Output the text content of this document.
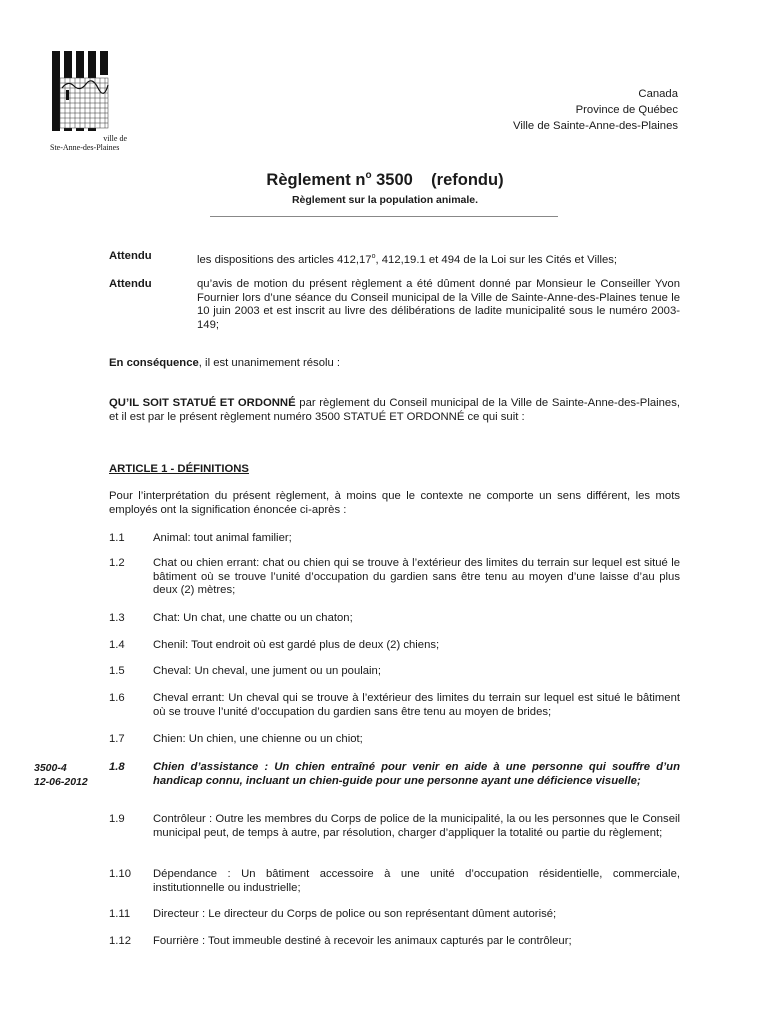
ville de
Ste-Anne-des-Plaines
Canada
Province de Québec
Ville de Sainte-Anne-des-Plaines
Règlement $n^o$ 3500    (refondu)
Règlement sur la population animale.
Attendu	les dispositions des articles 412,17$^o$, 412,19.1 et 494 de la Loi sur les Cités et Villes;
Attendu	qu’avis de motion du présent règlement a été dûment donné par Monsieur le Conseiller Yvon Fournier lors d’une séance du Conseil municipal de la Ville de Sainte-Anne-des-Plaines tenue le 10 juin 2003 et est inscrit au livre des délibérations de ladite municipalité sous le numéro 2003-149;
En conséquence, il est unanimement résolu :
QU’IL SOIT STATUÉ ET ORDONNÉ par règlement du Conseil municipal de la Ville de Sainte-Anne-des-Plaines, et il est par le présent règlement numéro 3500 STATUÉ ET ORDONNÉ ce qui suit :
ARTICLE 1 - DÉFINITIONS
Pour l’interprétation du présent règlement, à moins que le contexte ne comporte un sens différent, les mots employés ont la signification énoncée ci-après :
1.1	Animal: tout animal familier;
1.2	Chat ou chien errant: chat ou chien qui se trouve à l’extérieur des limites du terrain sur lequel est situé le bâtiment où se trouve l’unité d’occupation du gardien sans être tenu au moyen d’une laisse d’au plus deux (2) mètres;
1.3	Chat: Un chat, une chatte ou un chaton;
1.4	Chenil: Tout endroit où est gardé plus de deux (2) chiens;
1.5	Cheval: Un cheval, une jument ou un poulain;
1.6	Cheval errant: Un cheval qui se trouve à l’extérieur des limites du terrain sur lequel est situé le bâtiment où se trouve l’unité d’occupation du gardien sans être tenu au moyen de brides;
1.7	Chien: Un chien, une chienne ou un chiot;
3500-4
12-06-2012
1.8	Chien d’assistance : Un chien entraîné pour venir en aide à une personne qui souffre d’un handicap connu, incluant un chien-guide pour une personne ayant une déficience visuelle;
1.9	Contrôleur : Outre les membres du Corps de police de la municipalité, la ou les personnes que le Conseil municipal peut, de temps à autre, par résolution, charger d’appliquer la totalité ou partie du règlement;
1.10 Dépendance : Un bâtiment accessoire à une unité d’occupation résidentielle, commerciale, institutionnelle ou industrielle;
1.11 Directeur : Le directeur du Corps de police ou son représentant dûment autorisé;
1.12 Fourrière : Tout immeuble destiné à recevoir les animaux capturés par le contrôleur;
